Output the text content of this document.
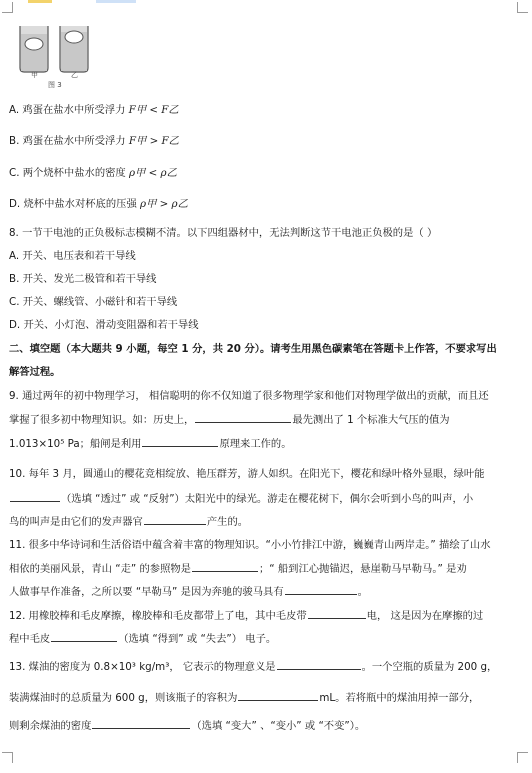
甲	乙
图 3
A. 鸡蛋在盐水中所受浮力 F甲 < F乙
B. 鸡蛋在盐水中所受浮力 F甲 > F乙
C. 两个烧杯中盐水的密度 ρ甲 < ρ乙
D. 烧杯中盐水对杯底的压强 ρ甲 > ρ乙
8. 一节干电池的正负极标志模糊不清。以下四组器材中，无法判断这节干电池正负极的是（ ）
A. 开关、电压表和若干导线
B. 开关、发光二极管和若干导线
C. 开关、螺线管、小磁针和若干导线
D. 开关、小灯泡、滑动变阻器和若干导线
二、填空题（本大题共 9 小题，每空 1 分，共 20 分）。请考生用黑色碳素笔在答题卡上作答，不要求写出
解答过程。
9. 通过两年的初中物理学习， 相信聪明的你不仅知道了很多物理学家和他们对物理学做出的贡献，而且还
掌握了很多初中物理知识。如：历史上，	最先测出了 1 个标准大气压的值为
1.013×10⁵ Pa；船闸是利用	原理来工作的。
10. 每年 3 月，圆通山的樱花竞相绽放、艳压群芳，游人如织。在阳光下，樱花和绿叶格外显眼，绿叶能
（选填 “透过” 或 “反射”）太阳光中的绿光。游走在樱花树下，偶尔会听到小鸟的叫声，小
鸟的叫声是由它们的发声器官	产生的。
11. 很多中华诗词和生活俗语中蕴含着丰富的物理知识。“小小竹排江中游，巍巍青山两岸走。” 描绘了山水
相依的美丽风景，青山 “走” 的参照物是	；“ 船到江心抛锚迟，悬崖勒马早勒马。” 是劝
人做事早作准备，之所以要 “早勒马” 是因为奔驰的骏马具有	。
12. 用橡胶棒和毛皮摩擦，橡胶棒和毛皮都带上了电，其中毛皮带	电， 这是因为在摩擦的过
程中毛皮	（选填 “得到” 或 “失去”） 电子。
13. 煤油的密度为 0.8×10³ kg/m³， 它表示的物理意义是	。一个空瓶的质量为 200 g，
装满煤油时的总质量为 600 g，则该瓶子的容积为	mL。若将瓶中的煤油用掉一部分，
则剩余煤油的密度	（选填 “变大” 、“变小” 或 “不变”）。
